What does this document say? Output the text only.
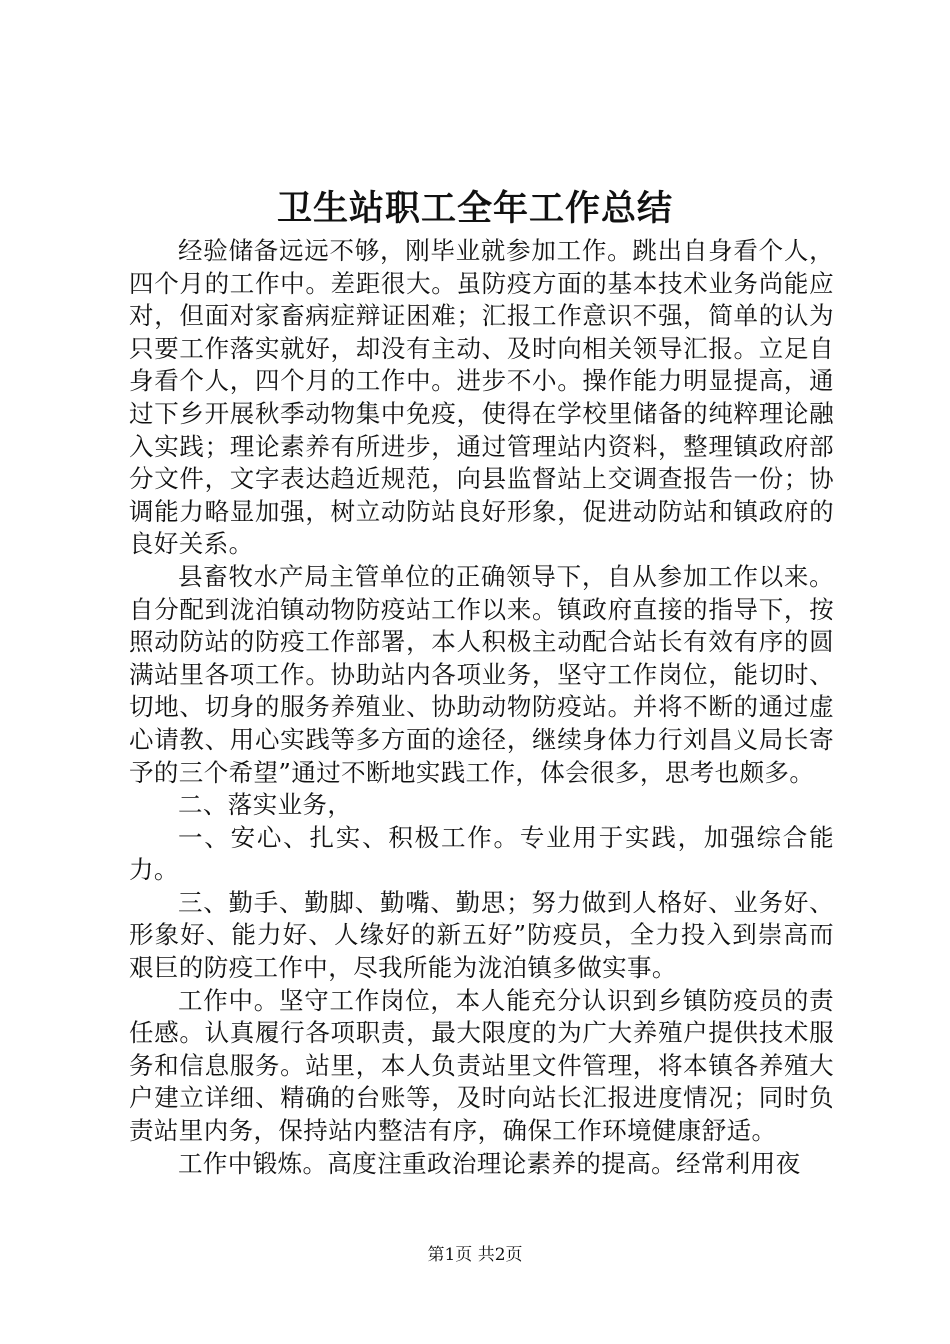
卫生站职工全年工作总结

经验储备远远不够，刚毕业就参加工作。跳出自身看个人，四个月的工作中。差距很大。虽防疫方面的基本技术业务尚能应对，但面对家畜病症辩证困难；汇报工作意识不强，简单的认为只要工作落实就好，却没有主动、及时向相关领导汇报。立足自身看个人，四个月的工作中。进步不小。操作能力明显提高，通过下乡开展秋季动物集中免疫，使得在学校里储备的纯粹理论融入实践；理论素养有所进步，通过管理站内资料，整理镇政府部分文件，文字表达趋近规范，向县监督站上交调查报告一份；协调能力略显加强，树立动防站良好形象，促进动防站和镇政府的良好关系。

县畜牧水产局主管单位的正确领导下，自从参加工作以来。自分配到泷泊镇动物防疫站工作以来。镇政府直接的指导下，按照动防站的防疫工作部署，本人积极主动配合站长有效有序的圆满站里各项工作。协助站内各项业务，坚守工作岗位，能切时、切地、切身的服务养殖业、协助动物防疫站。并将不断的通过虚心请教、用心实践等多方面的途径，继续身体力行刘昌义局长寄予的三个希望”通过不断地实践工作，体会很多，思考也颇多。

二、落实业务，

一、安心、扎实、积极工作。专业用于实践，加强综合能力。

三、勤手、勤脚、勤嘴、勤思；努力做到人格好、业务好、形象好、能力好、人缘好的新五好”防疫员，全力投入到崇高而艰巨的防疫工作中，尽我所能为泷泊镇多做实事。

工作中。坚守工作岗位，本人能充分认识到乡镇防疫员的责任感。认真履行各项职责，最大限度的为广大养殖户提供技术服务和信息服务。站里，本人负责站里文件管理，将本镇各养殖大户建立详细、精确的台账等，及时向站长汇报进度情况；同时负责站里内务，保持站内整洁有序，确保工作环境健康舒适。

工作中锻炼。高度注重政治理论素养的提高。经常利用夜

第1页 共2页
